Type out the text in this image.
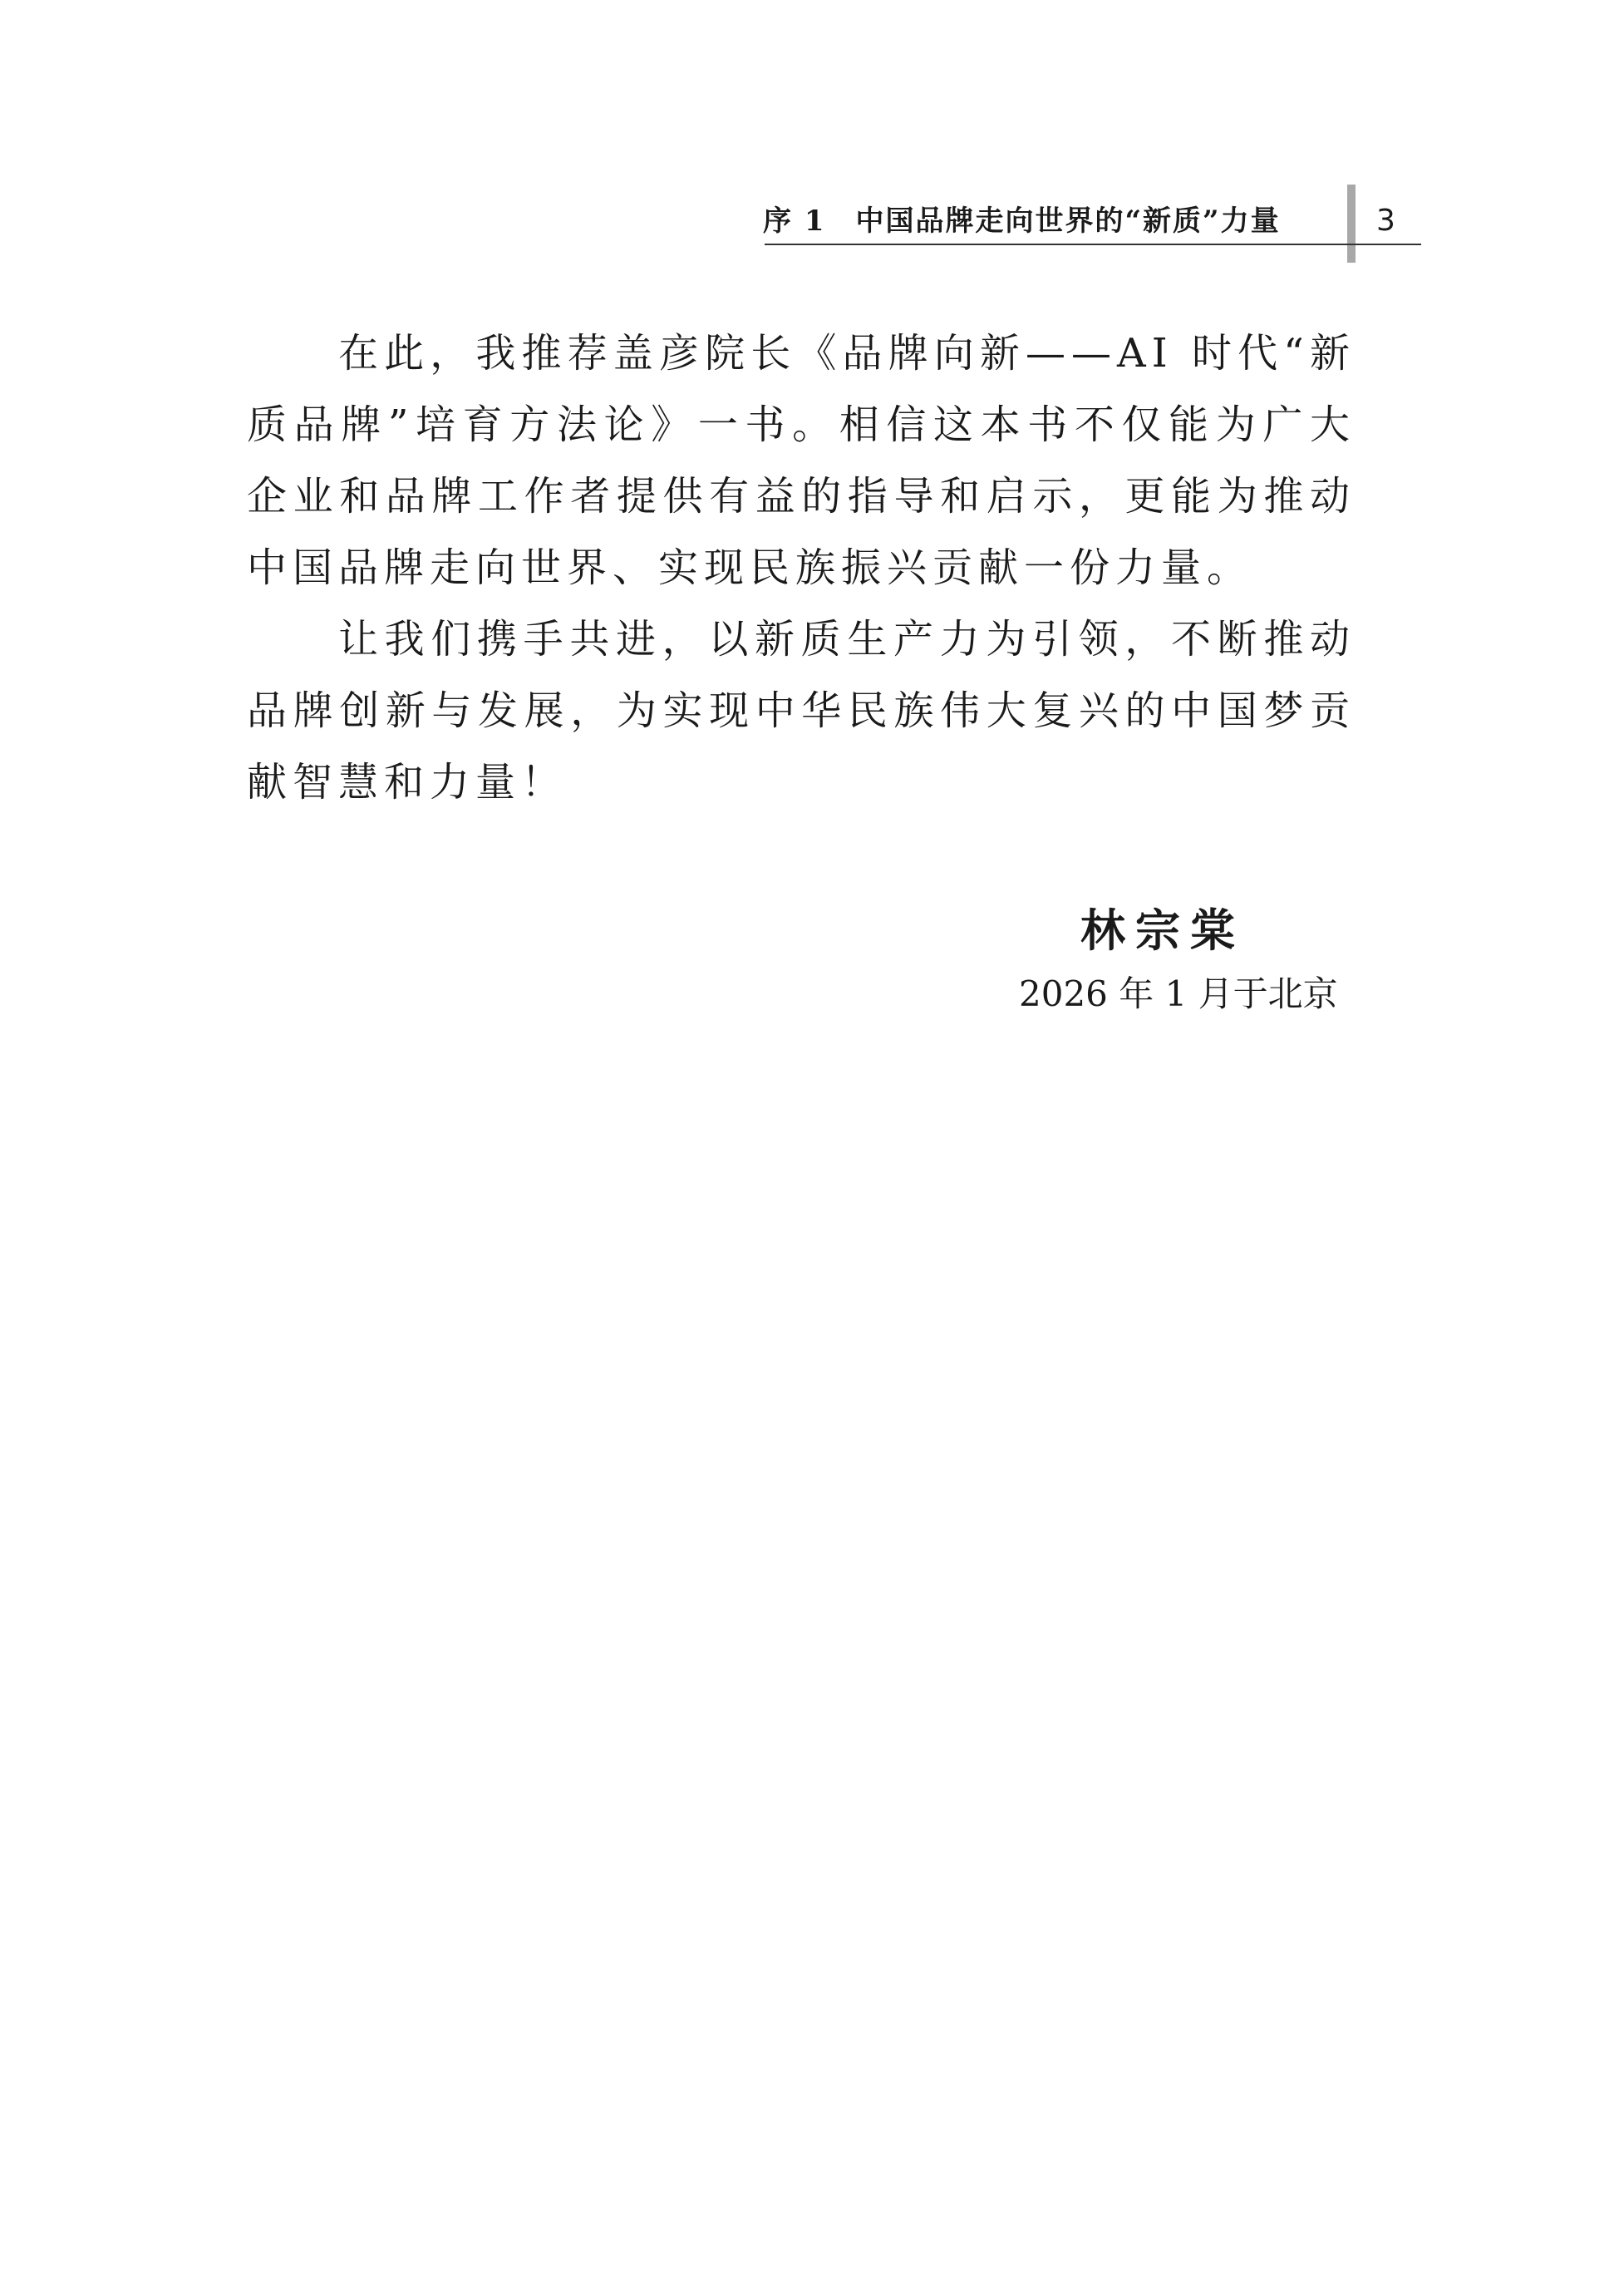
序 1　中国品牌走向世界的“新质”力量	3

在此，我推荐盖彦院长《品牌向新——AI 时代“新质品牌”培育方法论》一书。相信这本书不仅能为广大企业和品牌工作者提供有益的指导和启示，更能为推动中国品牌走向世界、实现民族振兴贡献一份力量。

让我们携手共进，以新质生产力为引领，不断推动品牌创新与发展，为实现中华民族伟大复兴的中国梦贡献智慧和力量！

林宗棠
2026 年 1 月于北京
